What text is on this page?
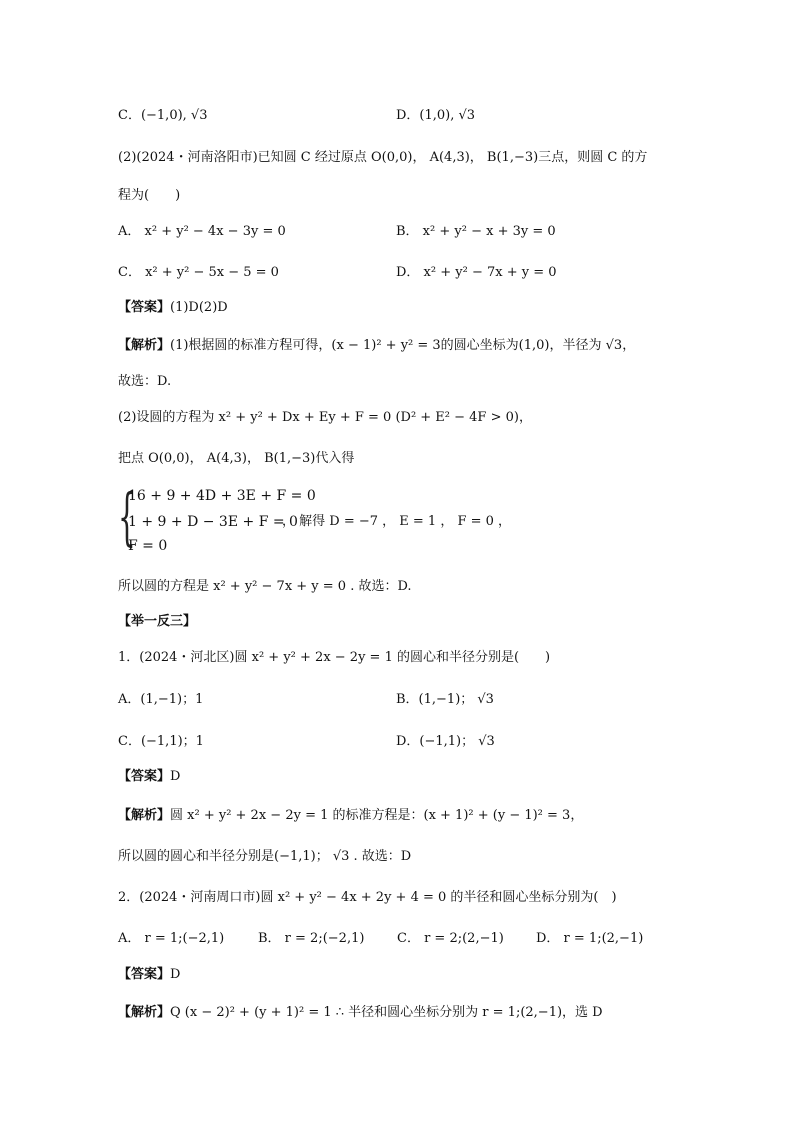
C．(−1,0), √3	D．(1,0), √3
(2)(2024・河南洛阳市)已知圆 C 经过原点 O(0,0)， A(4,3)， B(1,−3)三点，则圆 C 的方
程为(　　)
A． x² + y² − 4x − 3y = 0	B． x² + y² − x + 3y = 0
C． x² + y² − 5x − 5 = 0	D． x² + y² − 7x + y = 0
【答案】(1)D(2)D
【解析】(1)根据圆的标准方程可得，(x − 1)² + y² = 3的圆心坐标为(1,0)，半径为 √3，
故选：D.
(2)设圆的方程为 x² + y² + Dx + Ey + F = 0 (D² + E² − 4F > 0)，
把点 O(0,0)， A(4,3)， B(1,−3)代入得
{
16 + 9 + 4D + 3E + F = 0
1 + 9 + D − 3E + F = 0
F = 0
， 解得 D = −7 ， E = 1 ， F = 0 ，
所以圆的方程是 x² + y² − 7x + y = 0 . 故选：D.
【举一反三】
1．(2024・河北区)圆 x² + y² + 2x − 2y = 1 的圆心和半径分别是(　　)
A．(1,−1)；1	B．(1,−1)； √3
C．(−1,1)；1	D．(−1,1)； √3
【答案】D
【解析】圆 x² + y² + 2x − 2y = 1 的标准方程是：(x + 1)² + (y − 1)² = 3，
所以圆的圆心和半径分别是(−1,1)； √3 . 故选：D
2．(2024・河南周口市)圆 x² + y² − 4x + 2y + 4 = 0 的半径和圆心坐标分别为(　)
A． r = 1;(−2,1)	B． r = 2;(−2,1)	C． r = 2;(2,−1) D． r = 1;(2,−1)
【答案】D
【解析】Q (x − 2)² + (y + 1)² = 1 ∴ 半径和圆心坐标分别为 r = 1;(2,−1)，选 D
